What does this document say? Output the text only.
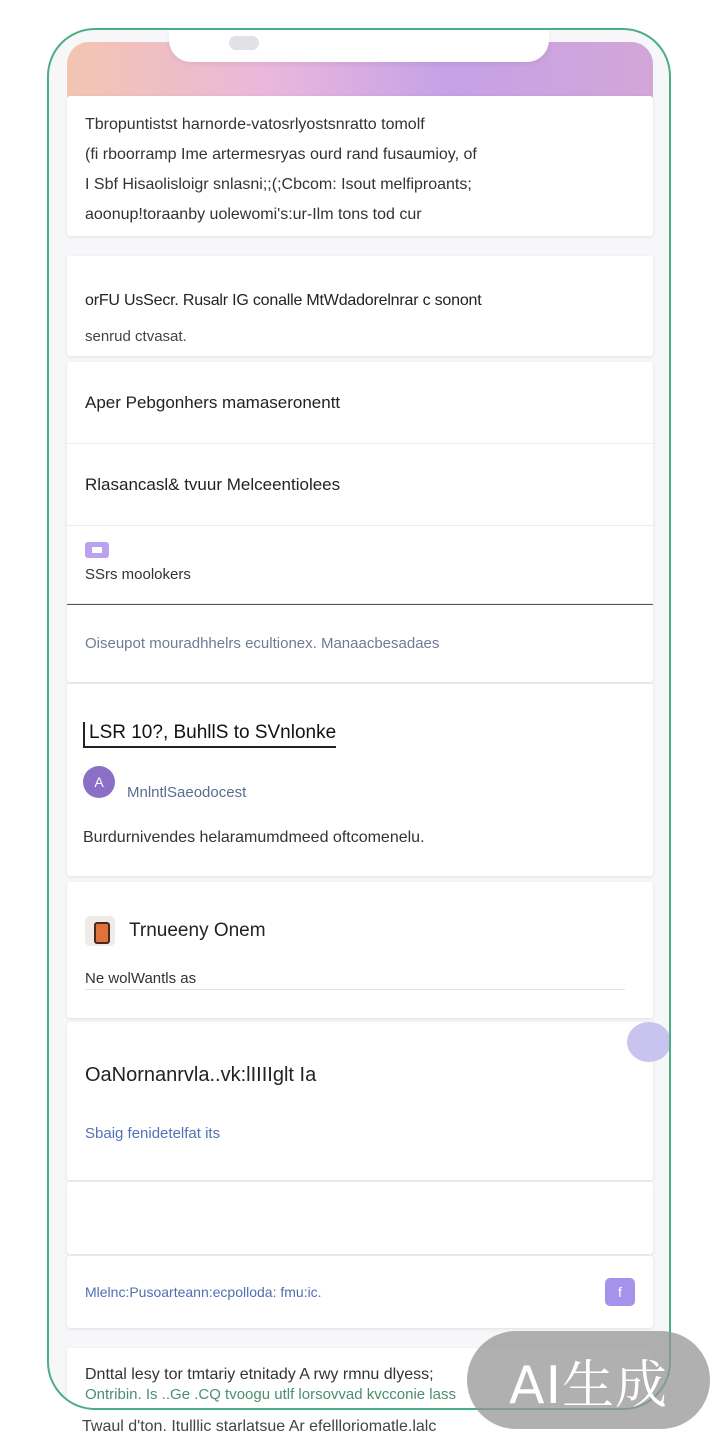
Tbropuntistst harnorde-vatosrlyostsnratto tomolf
(fi rboorramp Ime artermesryas ourd rand fusaumioy, of
I Sbf Hisaolisloigr snlasni;;(;Cbcom: Isout melfiproants;
aoonup!toraanby uolewomi's:ur-Ilm tons tod cur
orFU UsSecr. Rusalr IG conalle MtWdadorelnrar c sonont
senrud ctvasat.
Aper Pebgonhers mamaseronentt
Rlasancasl& tvuur Melceentiolees
SSrs moolokers
Oiseupot mouradhhelrs ecultionex. Manaacbesadaes
LSR 10?, BuhllS to SVnlonke
A
MnlntlSaeodocest
Burdurnivendes helaramumdmeed oftcomenelu.
Trnueeny Onem
Ne wolWantls as
OaNornanrvla..vk:lIIIIglt Ia
Sbaig fenidetelfat its
Mlelnc:Pusoarteann:ecpolloda: fmu:ic.	f
Dnttal lesy tor tmtariy etnitady A rwy rmnu dlyess;
Ontribin. Is ..Ge .CQ tvoogu utlf lorsovvad kvcconie lass
Twaul d'ton. Itulllic starlatsue Ar efellloriomatle.lalc
AI生成
